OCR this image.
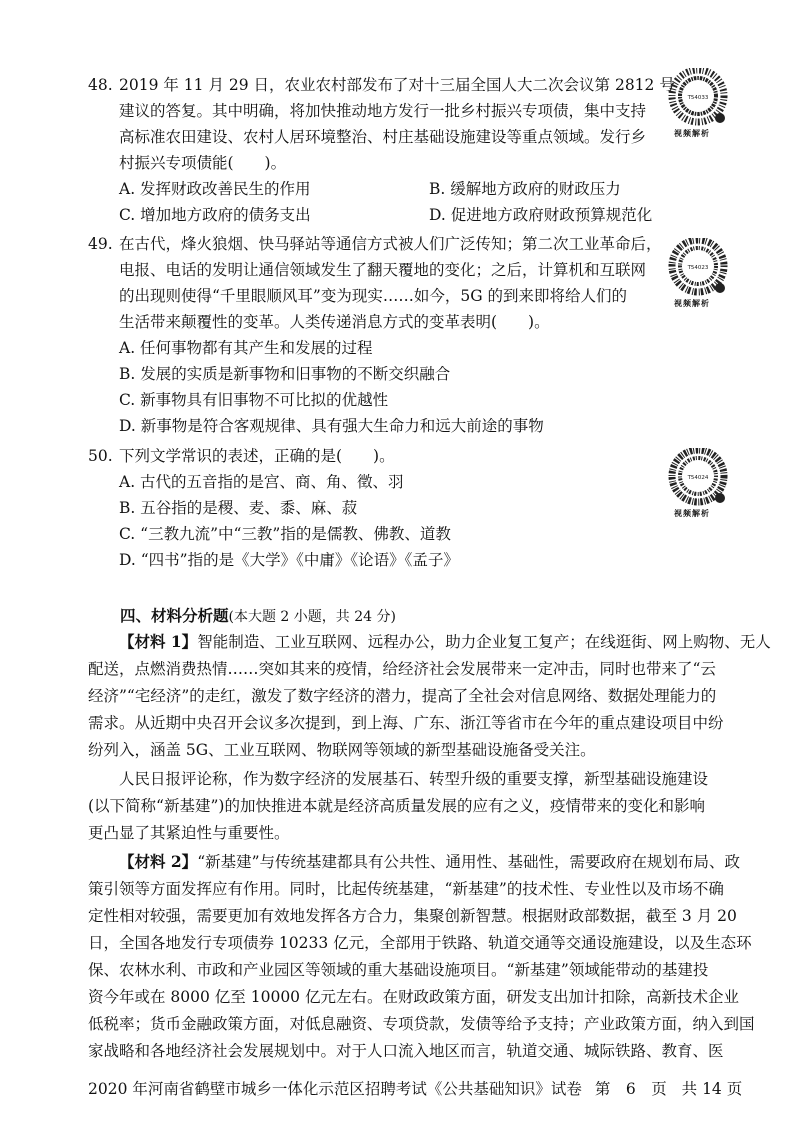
48. 2019 年 11 月 29 日，农业农村部发布了对十三届全国人大二次会议第 2812 号
建议的答复。其中明确，将加快推动地方发行一批乡村振兴专项债，集中支持
高标准农田建设、农村人居环境整治、村庄基础设施建设等重点领域。发行乡
村振兴专项债能(　　)。
A. 发挥财政改善民生的作用	B. 缓解地方政府的财政压力
C. 增加地方政府的债务支出	D. 促进地方政府财政预算规范化
T54033
视频解析
49. 在古代，烽火狼烟、快马驿站等通信方式被人们广泛传知；第二次工业革命后，
电报、电话的发明让通信领域发生了翻天覆地的变化；之后，计算机和互联网
的出现则使得“千里眼顺风耳”变为现实……如今，5G 的到来即将给人们的
生活带来颠覆性的变革。人类传递消息方式的变革表明(　　)。
A. 任何事物都有其产生和发展的过程
B. 发展的实质是新事物和旧事物的不断交织融合
C. 新事物具有旧事物不可比拟的优越性
D. 新事物是符合客观规律、具有强大生命力和远大前途的事物
T54023
视频解析
50. 下列文学常识的表述，正确的是(　　)。
A. 古代的五音指的是宫、商、角、徵、羽
B. 五谷指的是稷、麦、黍、麻、菽
C. “三教九流”中“三教”指的是儒教、佛教、道教
D. “四书”指的是《大学》《中庸》《论语》《孟子》
T54024
视频解析
四、材料分析题(本大题 2 小题，共 24 分)
【材料 1】智能制造、工业互联网、远程办公，助力企业复工复产；在线逛街、网上购物、无人
配送，点燃消费热情……突如其来的疫情，给经济社会发展带来一定冲击，同时也带来了“云
经济”“宅经济”的走红，激发了数字经济的潜力，提高了全社会对信息网络、数据处理能力的
需求。从近期中央召开会议多次提到，到上海、广东、浙江等省市在今年的重点建设项目中纷
纷列入，涵盖 5G、工业互联网、物联网等领域的新型基础设施备受关注。
人民日报评论称，作为数字经济的发展基石、转型升级的重要支撑，新型基础设施建设
(以下简称“新基建”)的加快推进本就是经济高质量发展的应有之义，疫情带来的变化和影响
更凸显了其紧迫性与重要性。
【材料 2】“新基建”与传统基建都具有公共性、通用性、基础性，需要政府在规划布局、政
策引领等方面发挥应有作用。同时，比起传统基建，“新基建”的技术性、专业性以及市场不确
定性相对较强，需要更加有效地发挥各方合力，集聚创新智慧。根据财政部数据，截至 3 月 20
日，全国各地发行专项债券 10233 亿元，全部用于铁路、轨道交通等交通设施建设，以及生态环
保、农林水利、市政和产业园区等领域的重大基础设施项目。“新基建”领域能带动的基建投
资今年或在 8000 亿至 10000 亿元左右。在财政政策方面，研发支出加计扣除，高新技术企业
低税率；货币金融政策方面，对低息融资、专项贷款，发债等给予支持；产业政策方面，纳入到国
家战略和各地经济社会发展规划中。对于人口流入地区而言，轨道交通、城际铁路、教育、医
2020 年河南省鹤壁市城乡一体化示范区招聘考试《公共基础知识》试卷 第　6　页 共 14 页
